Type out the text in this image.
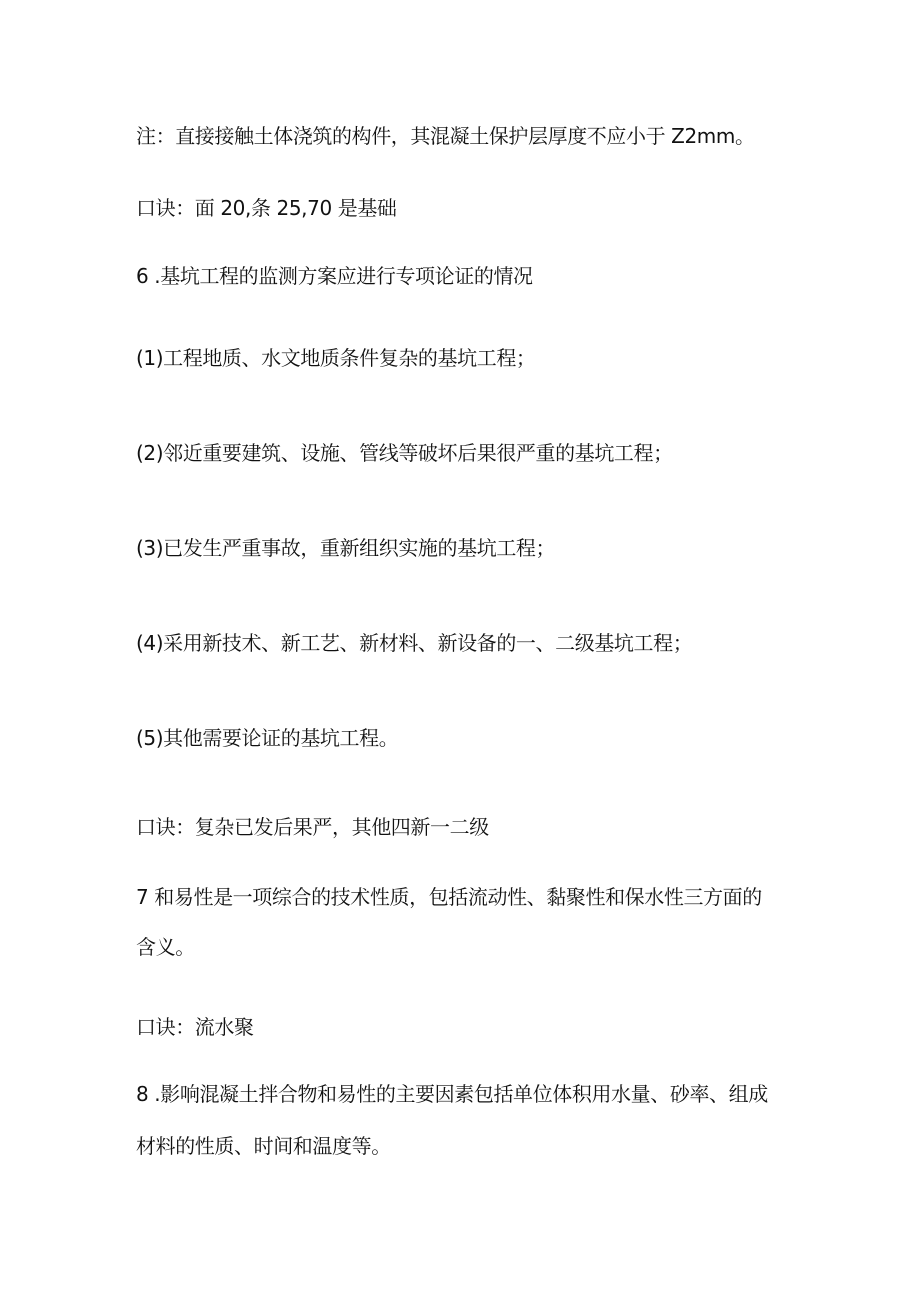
注：直接接触土体浇筑的构件，其混凝土保护层厚度不应小于 Z2mm。
口诀：面 20,条 25,70 是基础
6 .基坑工程的监测方案应进行专项论证的情况
(1)工程地质、水文地质条件复杂的基坑工程；
(2)邻近重要建筑、设施、管线等破坏后果很严重的基坑工程；
(3)已发生严重事故，重新组织实施的基坑工程；
(4)采用新技术、新工艺、新材料、新设备的一、二级基坑工程；
(5)其他需要论证的基坑工程。
口诀：复杂已发后果严，其他四新一二级
7 和易性是一项综合的技术性质，包括流动性、黏聚性和保水性三方面的
含义。
口诀：流水聚
8 .影响混凝土拌合物和易性的主要因素包括单位体积用水量、砂率、组成
材料的性质、时间和温度等。
